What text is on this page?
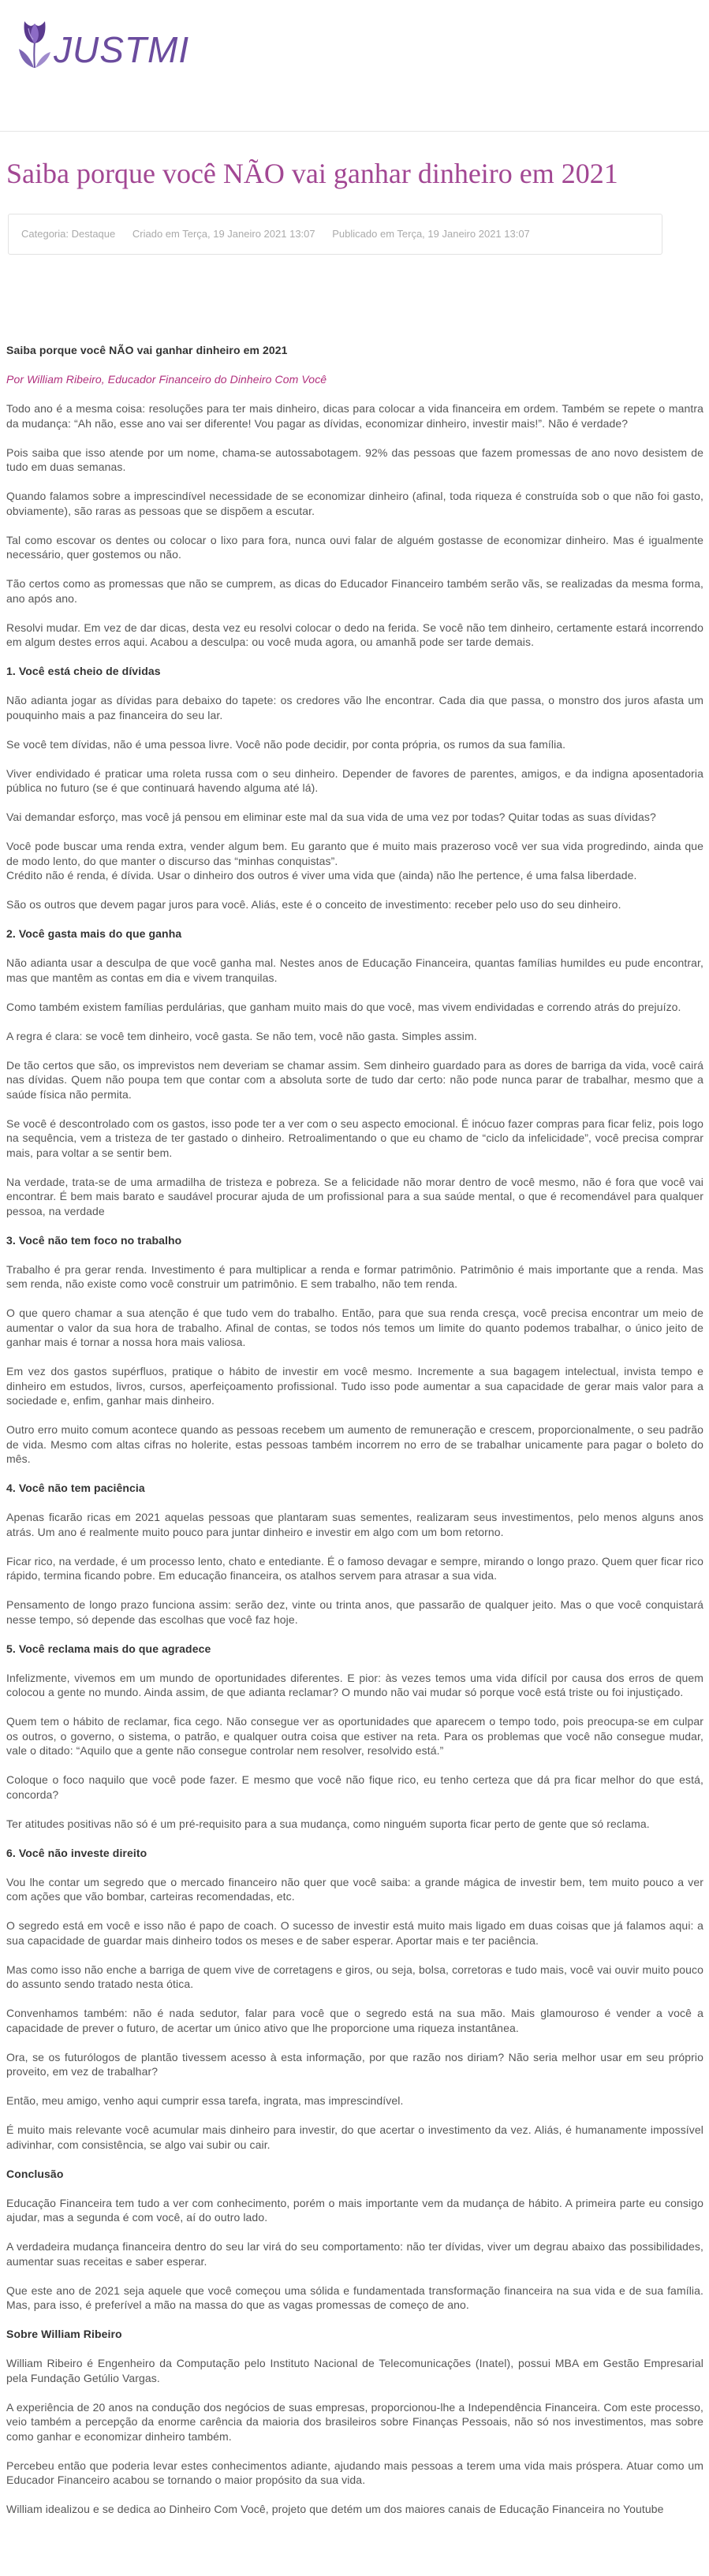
JUSTMI
Saiba porque você NÃO vai ganhar dinheiro em 2021
Categoria: Destaque Criado em Terça, 19 Janeiro 2021 13:07 Publicado em Terça, 19 Janeiro 2021 13:07

Saiba porque você NÃO vai ganhar dinheiro em 2021

Por William Ribeiro, Educador Financeiro do Dinheiro Com Você

Todo ano é a mesma coisa: resoluções para ter mais dinheiro, dicas para colocar a vida financeira em ordem. Também se repete o mantra da mudança: “Ah não, esse ano vai ser diferente! Vou pagar as dívidas, economizar dinheiro, investir mais!”. Não é verdade?

Pois saiba que isso atende por um nome, chama-se autossabotagem. 92% das pessoas que fazem promessas de ano novo desistem de tudo em duas semanas.

Quando falamos sobre a imprescindível necessidade de se economizar dinheiro (afinal, toda riqueza é construída sob o que não foi gasto, obviamente), são raras as pessoas que se dispõem a escutar.

Tal como escovar os dentes ou colocar o lixo para fora, nunca ouvi falar de alguém gostasse de economizar dinheiro. Mas é igualmente necessário, quer gostemos ou não.

Tão certos como as promessas que não se cumprem, as dicas do Educador Financeiro também serão vãs, se realizadas da mesma forma, ano após ano.

Resolvi mudar. Em vez de dar dicas, desta vez eu resolvi colocar o dedo na ferida. Se você não tem dinheiro, certamente estará incorrendo em algum destes erros aqui. Acabou a desculpa: ou você muda agora, ou amanhã pode ser tarde demais.

1. Você está cheio de dívidas

Não adianta jogar as dívidas para debaixo do tapete: os credores vão lhe encontrar. Cada dia que passa, o monstro dos juros afasta um pouquinho mais a paz financeira do seu lar.

Se você tem dívidas, não é uma pessoa livre. Você não pode decidir, por conta própria, os rumos da sua família.

Viver endividado é praticar uma roleta russa com o seu dinheiro. Depender de favores de parentes, amigos, e da indigna aposentadoria pública no futuro (se é que continuará havendo alguma até lá).

Vai demandar esforço, mas você já pensou em eliminar este mal da sua vida de uma vez por todas? Quitar todas as suas dívidas?

Você pode buscar uma renda extra, vender algum bem. Eu garanto que é muito mais prazeroso você ver sua vida progredindo, ainda que de modo lento, do que manter o discurso das “minhas conquistas”.
Crédito não é renda, é dívida. Usar o dinheiro dos outros é viver uma vida que (ainda) não lhe pertence, é uma falsa liberdade.

São os outros que devem pagar juros para você. Aliás, este é o conceito de investimento: receber pelo uso do seu dinheiro.

2. Você gasta mais do que ganha

Não adianta usar a desculpa de que você ganha mal. Nestes anos de Educação Financeira, quantas famílias humildes eu pude encontrar, mas que mantêm as contas em dia e vivem tranquilas.

Como também existem famílias perdulárias, que ganham muito mais do que você, mas vivem endividadas e correndo atrás do prejuízo.

A regra é clara: se você tem dinheiro, você gasta. Se não tem, você não gasta. Simples assim.

De tão certos que são, os imprevistos nem deveriam se chamar assim. Sem dinheiro guardado para as dores de barriga da vida, você cairá nas dívidas. Quem não poupa tem que contar com a absoluta sorte de tudo dar certo: não pode nunca parar de trabalhar, mesmo que a saúde física não permita.

Se você é descontrolado com os gastos, isso pode ter a ver com o seu aspecto emocional. É inócuo fazer compras para ficar feliz, pois logo na sequência, vem a tristeza de ter gastado o dinheiro. Retroalimentando o que eu chamo de “ciclo da infelicidade”, você precisa comprar mais, para voltar a se sentir bem.

Na verdade, trata-se de uma armadilha de tristeza e pobreza. Se a felicidade não morar dentro de você mesmo, não é fora que você vai encontrar. É bem mais barato e saudável procurar ajuda de um profissional para a sua saúde mental, o que é recomendável para qualquer pessoa, na verdade

3. Você não tem foco no trabalho

Trabalho é pra gerar renda. Investimento é para multiplicar a renda e formar patrimônio. Patrimônio é mais importante que a renda. Mas sem renda, não existe como você construir um patrimônio. E sem trabalho, não tem renda.

O que quero chamar a sua atenção é que tudo vem do trabalho. Então, para que sua renda cresça, você precisa encontrar um meio de aumentar o valor da sua hora de trabalho. Afinal de contas, se todos nós temos um limite do quanto podemos trabalhar, o único jeito de ganhar mais é tornar a nossa hora mais valiosa.

Em vez dos gastos supérfluos, pratique o hábito de investir em você mesmo. Incremente a sua bagagem intelectual, invista tempo e dinheiro em estudos, livros, cursos, aperfeiçoamento profissional. Tudo isso pode aumentar a sua capacidade de gerar mais valor para a sociedade e, enfim, ganhar mais dinheiro.

Outro erro muito comum acontece quando as pessoas recebem um aumento de remuneração e crescem, proporcionalmente, o seu padrão de vida. Mesmo com altas cifras no holerite, estas pessoas também incorrem no erro de se trabalhar unicamente para pagar o boleto do mês.

4. Você não tem paciência

Apenas ficarão ricas em 2021 aquelas pessoas que plantaram suas sementes, realizaram seus investimentos, pelo menos alguns anos atrás. Um ano é realmente muito pouco para juntar dinheiro e investir em algo com um bom retorno.

Ficar rico, na verdade, é um processo lento, chato e entediante. É o famoso devagar e sempre, mirando o longo prazo. Quem quer ficar rico rápido, termina ficando pobre. Em educação financeira, os atalhos servem para atrasar a sua vida.

Pensamento de longo prazo funciona assim: serão dez, vinte ou trinta anos, que passarão de qualquer jeito. Mas o que você conquistará nesse tempo, só depende das escolhas que você faz hoje.

5. Você reclama mais do que agradece

Infelizmente, vivemos em um mundo de oportunidades diferentes. E pior: às vezes temos uma vida difícil por causa dos erros de quem colocou a gente no mundo. Ainda assim, de que adianta reclamar? O mundo não vai mudar só porque você está triste ou foi injustiçado.

Quem tem o hábito de reclamar, fica cego. Não consegue ver as oportunidades que aparecem o tempo todo, pois preocupa-se em culpar os outros, o governo, o sistema, o patrão, e qualquer outra coisa que estiver na reta. Para os problemas que você não consegue mudar, vale o ditado: “Aquilo que a gente não consegue controlar nem resolver, resolvido está.”

Coloque o foco naquilo que você pode fazer. E mesmo que você não fique rico, eu tenho certeza que dá pra ficar melhor do que está, concorda?

Ter atitudes positivas não só é um pré-requisito para a sua mudança, como ninguém suporta ficar perto de gente que só reclama.

6. Você não investe direito

Vou lhe contar um segredo que o mercado financeiro não quer que você saiba: a grande mágica de investir bem, tem muito pouco a ver com ações que vão bombar, carteiras recomendadas, etc.

O segredo está em você e isso não é papo de coach. O sucesso de investir está muito mais ligado em duas coisas que já falamos aqui: a sua capacidade de guardar mais dinheiro todos os meses e de saber esperar. Aportar mais e ter paciência.

Mas como isso não enche a barriga de quem vive de corretagens e giros, ou seja, bolsa, corretoras e tudo mais, você vai ouvir muito pouco do assunto sendo tratado nesta ótica.

Convenhamos também: não é nada sedutor, falar para você que o segredo está na sua mão. Mais glamouroso é vender a você a capacidade de prever o futuro, de acertar um único ativo que lhe proporcione uma riqueza instantânea.

Ora, se os futurólogos de plantão tivessem acesso à esta informação, por que razão nos diriam? Não seria melhor usar em seu próprio proveito, em vez de trabalhar?

Então, meu amigo, venho aqui cumprir essa tarefa, ingrata, mas imprescindível.

É muito mais relevante você acumular mais dinheiro para investir, do que acertar o investimento da vez. Aliás, é humanamente impossível adivinhar, com consistência, se algo vai subir ou cair.

Conclusão

Educação Financeira tem tudo a ver com conhecimento, porém o mais importante vem da mudança de hábito. A primeira parte eu consigo ajudar, mas a segunda é com você, aí do outro lado.

A verdadeira mudança financeira dentro do seu lar virá do seu comportamento: não ter dívidas, viver um degrau abaixo das possibilidades, aumentar suas receitas e saber esperar.

Que este ano de 2021 seja aquele que você começou uma sólida e fundamentada transformação financeira na sua vida e de sua família. Mas, para isso, é preferível a mão na massa do que as vagas promessas de começo de ano.

Sobre William Ribeiro

William Ribeiro é Engenheiro da Computação pelo Instituto Nacional de Telecomunicações (Inatel), possui MBA em Gestão Empresarial pela Fundação Getúlio Vargas.

A experiência de 20 anos na condução dos negócios de suas empresas, proporcionou-lhe a Independência Financeira. Com este processo, veio também a percepção da enorme carência da maioria dos brasileiros sobre Finanças Pessoais, não só nos investimentos, mas sobre como ganhar e economizar dinheiro também.

Percebeu então que poderia levar estes conhecimentos adiante, ajudando mais pessoas a terem uma vida mais próspera. Atuar como um Educador Financeiro acabou se tornando o maior propósito da sua vida.

William idealizou e se dedica ao Dinheiro Com Você, projeto que detém um dos maiores canais de Educação Financeira no Youtube
